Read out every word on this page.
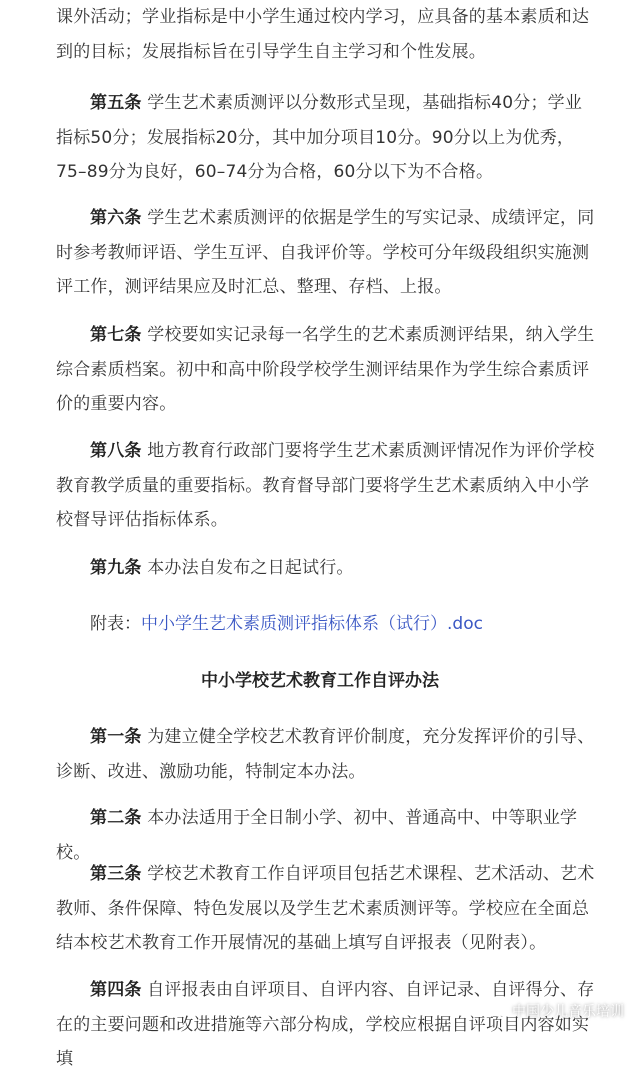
课外活动；学业指标是中小学生通过校内学习，应具备的基本素质和达到的目标；发展指标旨在引导学生自主学习和个性发展。

第五条 学生艺术素质测评以分数形式呈现，基础指标40分；学业指标50分；发展指标20分，其中加分项目10分。90分以上为优秀，75–89分为良好，60–74分为合格，60分以下为不合格。

第六条 学生艺术素质测评的依据是学生的写实记录、成绩评定，同时参考教师评语、学生互评、自我评价等。学校可分年级段组织实施测评工作，测评结果应及时汇总、整理、存档、上报。

第七条 学校要如实记录每一名学生的艺术素质测评结果，纳入学生综合素质档案。初中和高中阶段学校学生测评结果作为学生综合素质评价的重要内容。

第八条 地方教育行政部门要将学生艺术素质测评情况作为评价学校教育教学质量的重要指标。教育督导部门要将学生艺术素质纳入中小学校督导评估指标体系。

第九条 本办法自发布之日起试行。

附表：中小学生艺术素质测评指标体系（试行）.doc
中小学校艺术教育工作自评办法

第一条 为建立健全学校艺术教育评价制度，充分发挥评价的引导、诊断、改进、激励功能，特制定本办法。

第二条 本办法适用于全日制小学、初中、普通高中、中等职业学校。

第三条 学校艺术教育工作自评项目包括艺术课程、艺术活动、艺术教师、条件保障、特色发展以及学生艺术素质测评等。学校应在全面总结本校艺术教育工作开展情况的基础上填写自评报表（见附表）。

第四条 自评报表由自评项目、自评内容、自评记录、自评得分、存在的主要问题和改进措施等六部分构成，学校应根据自评项目内容如实填

中国少儿音乐培训
